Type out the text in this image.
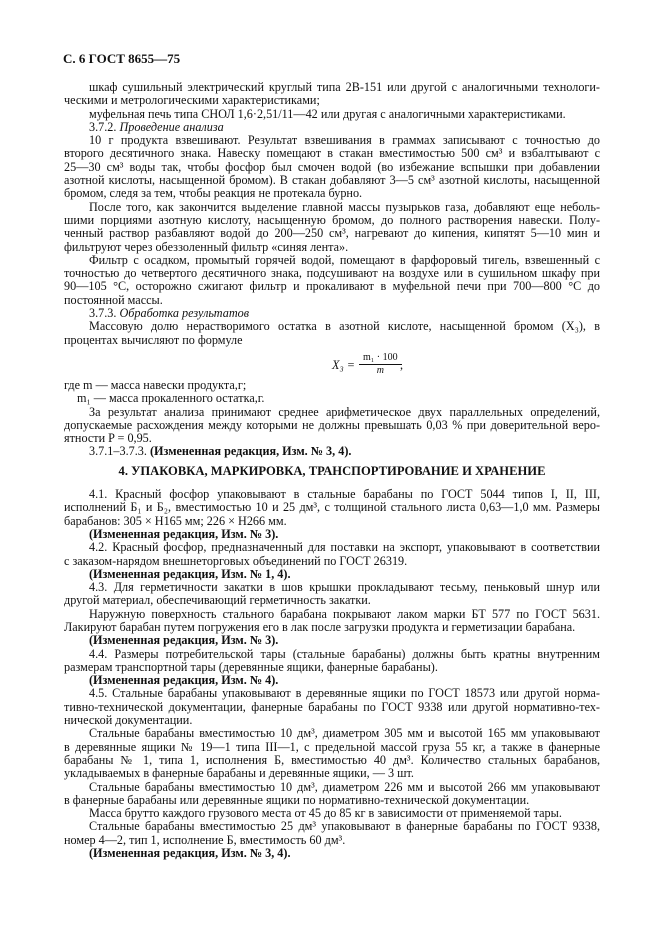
С. 6 ГОСТ 8655—75
шкаф сушильный электрический круглый типа 2В-151 или другой с аналогичными технологи-
ческими и метрологическими характеристиками;
муфельная печь типа СНОЛ 1,6·2,51/11—42 или другая с аналогичными характеристиками.
3.7.2. Проведение анализа
10 г продукта взвешивают. Результат взвешивания в граммах записывают с точностью до
второго десятичного знака. Навеску помещают в стакан вместимостью 500 см³ и взбалтывают с
25—30 см³ воды так, чтобы фосфор был смочен водой (во избежание вспышки при добавлении
азотной кислоты, насыщенной бромом). В стакан добавляют 3—5 см³ азотной кислоты, насыщенной
бромом, следя за тем, чтобы реакция не протекала бурно.
После того, как закончится выделение главной массы пузырьков газа, добавляют еще неболь-
шими порциями азотную кислоту, насыщенную бромом, до полного растворения навески. Полу-
ченный раствор разбавляют водой до 200—250 см³, нагревают до кипения, кипятят 5—10 мин и
фильтруют через обеззоленный фильтр «синяя лента».
Фильтр с осадком, промытый горячей водой, помещают в фарфоровый тигель, взвешенный с
точностью до четвертого десятичного знака, подсушивают на воздухе или в сушильном шкафу при
90—105 °С, осторожно сжигают фильтр и прокаливают в муфельной печи при 700—800 °С до
постоянной массы.
3.7.3. Обработка результатов
Массовую долю нерастворимого остатка в азотной кислоте, насыщенной бромом (X₃), в
процентах вычисляют по формуле
$X_3 = \frac{\text{m₁ · 100}}{m}$
,
где m — масса навески продукта,г;
m₁ — масса прокаленного остатка,г.
За результат анализа принимают среднее арифметическое двух параллельных определений,
допускаемые расхождения между которыми не должны превышать 0,03 % при доверительной веро-
ятности P = 0,95.
3.7.1–3.7.3. (Измененная редакция, Изм. № 3, 4).
4. УПАКОВКА, МАРКИРОВКА, ТРАНСПОРТИРОВАНИЕ И ХРАНЕНИЕ
4.1. Красный фосфор упаковывают в стальные барабаны по ГОСТ 5044 типов I, II, III,
исполнений Б₁ и Б₂, вместимостью 10 и 25 дм³, с толщиной стального листа 0,63—1,0 мм. Размеры
барабанов: 305 × Н165 мм; 226 × Н266 мм.
(Измененная редакция, Изм. № 3).
4.2. Красный фосфор, предназначенный для поставки на экспорт, упаковывают в соответствии
с заказом-нарядом внешнеторговых объединений по ГОСТ 26319.
(Измененная редакция, Изм. № 1, 4).
4.3. Для герметичности закатки в шов крышки прокладывают тесьму, пеньковый шнур или
другой материал, обеспечивающий герметичность закатки.
Наружную поверхность стального барабана покрывают лаком марки БТ 577 по ГОСТ 5631.
Лакируют барабан путем погружения его в лак после загрузки продукта и герметизации барабана.
(Измененная редакция, Изм. № 3).
4.4. Размеры потребительской тары (стальные барабаны) должны быть кратны внутренним
размерам транспортной тары (деревянные ящики, фанерные барабаны).
(Измененная редакция, Изм. № 4).
4.5. Стальные барабаны упаковывают в деревянные ящики по ГОСТ 18573 или другой норма-
тивно-технической документации, фанерные барабаны по ГОСТ 9338 или другой нормативно-тех-
нической документации.
Стальные барабаны вместимостью 10 дм³, диаметром 305 мм и высотой 165 мм упаковывают
в деревянные ящики № 19—1 типа III—1, с предельной массой груза 55 кг, а также в фанерные
барабаны № 1, типа 1, исполнения Б, вместимостью 40 дм³. Количество стальных барабанов,
укладываемых в фанерные барабаны и деревянные ящики, — 3 шт.
Стальные барабаны вместимостью 10 дм³, диаметром 226 мм и высотой 266 мм упаковывают
в фанерные барабаны или деревянные ящики по нормативно-технической документации.
Масса брутто каждого грузового места от 45 до 85 кг в зависимости от применяемой тары.
Стальные барабаны вместимостью 25 дм³ упаковывают в фанерные барабаны по ГОСТ 9338,
номер 4—2, тип 1, исполнение Б, вместимость 60 дм³.
(Измененная редакция, Изм. № 3, 4).
